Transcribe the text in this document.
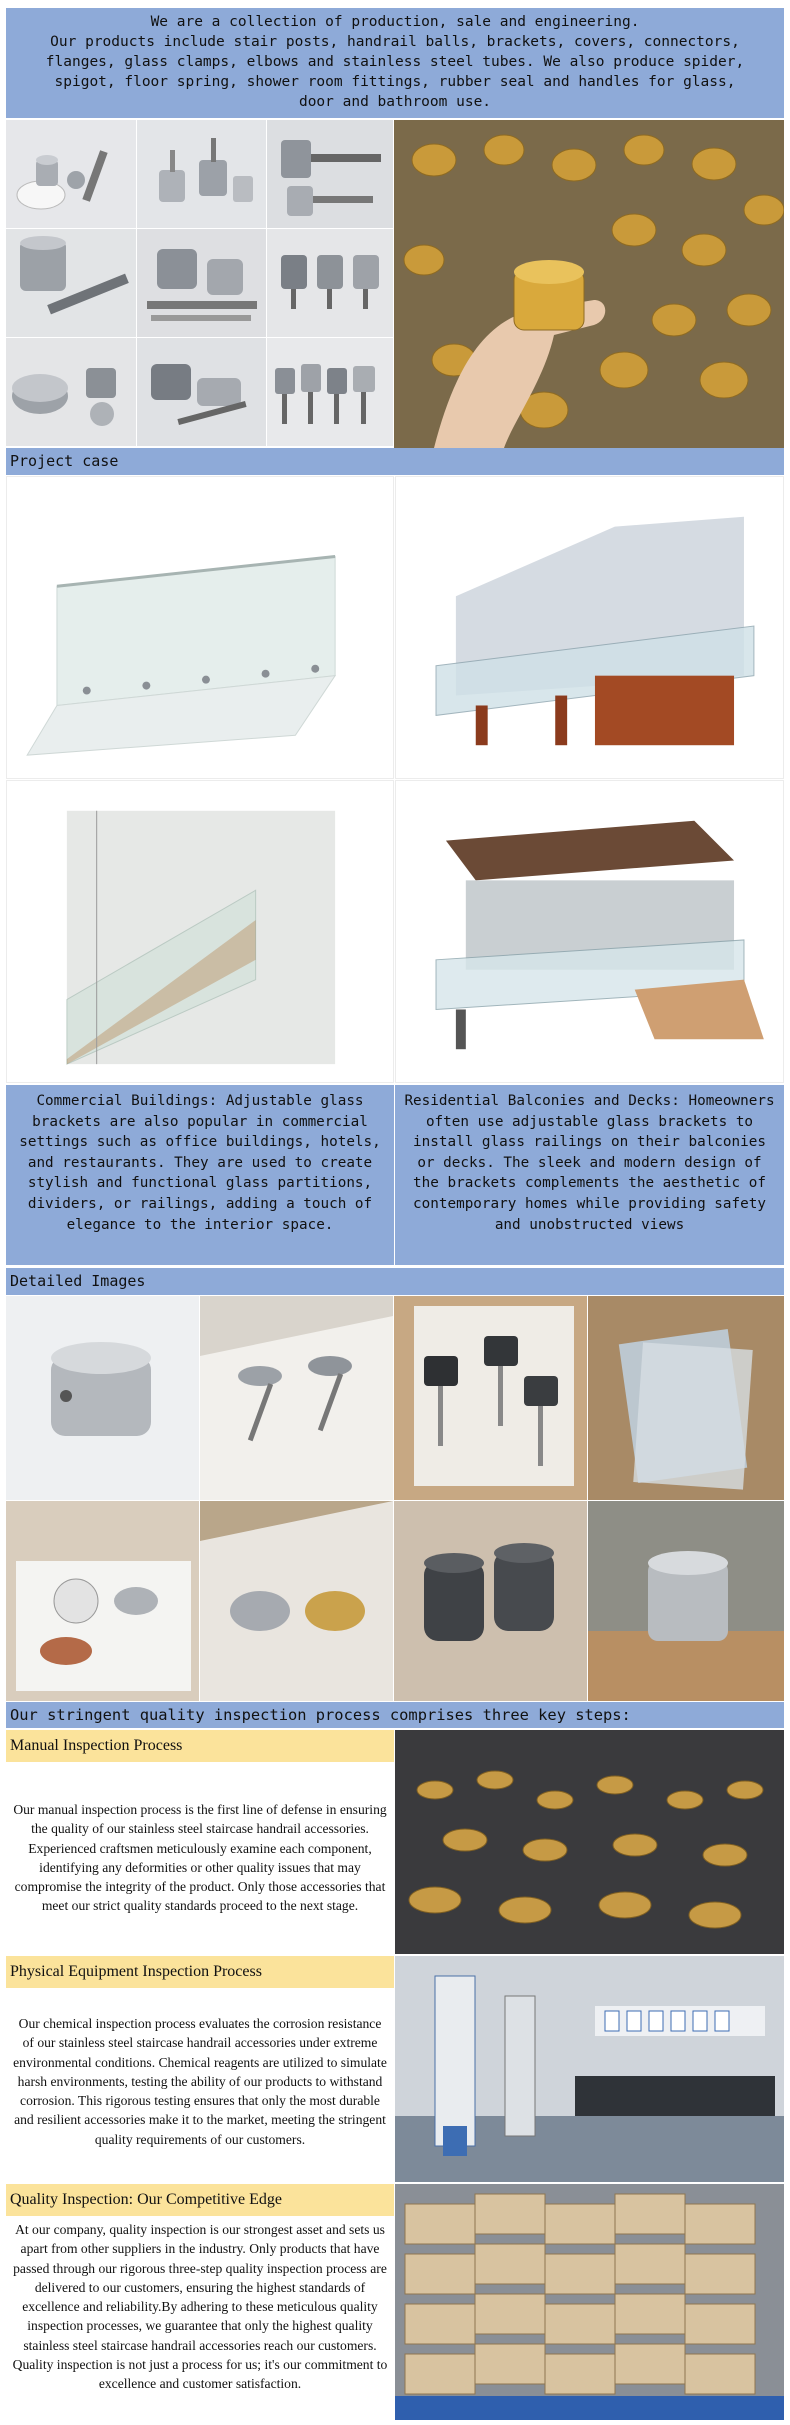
We are a collection of production, sale and engineering.
Our products include stair posts, handrail balls, brackets, covers, connectors,
flanges, glass clamps, elbows and stainless steel tubes. We also produce spider,
spigot, floor spring, shower room fittings, rubber seal and handles for glass,
door and bathroom use.
Project case
Commercial Buildings: Adjustable glass brackets are also popular in commercial settings such as office buildings, hotels, and restaurants. They are used to create stylish and functional glass partitions, dividers, or railings, adding a touch of elegance to the interior space.
Residential Balconies and Decks: Homeowners often use adjustable glass brackets to install glass railings on their balconies or decks. The sleek and modern design of the brackets complements the aesthetic of contemporary homes while providing safety and unobstructed views
Detailed Images
Our stringent quality inspection process comprises three key steps:
Manual Inspection Process
Our manual inspection process is the first line of defense in ensuring the quality of our stainless steel staircase handrail accessories. Experienced craftsmen meticulously examine each component, identifying any deformities or other quality issues that may compromise the integrity of the product. Only those accessories that meet our strict quality standards proceed to the next stage.
Physical Equipment Inspection Process
Our chemical inspection process evaluates the corrosion resistance of our stainless steel staircase handrail accessories under extreme environmental conditions. Chemical reagents are utilized to simulate harsh environments, testing the ability of our products to withstand corrosion. This rigorous testing ensures that only the most durable and resilient accessories make it to the market, meeting the stringent quality requirements of our customers.
Quality Inspection: Our Competitive Edge
At our company, quality inspection is our strongest asset and sets us apart from other suppliers in the industry. Only products that have passed through our rigorous three-step quality inspection process are delivered to our customers, ensuring the highest standards of excellence and reliability.By adhering to these meticulous quality inspection processes, we guarantee that only the highest quality stainless steel staircase handrail accessories reach our customers. Quality inspection is not just a process for us; it's our commitment to excellence and customer satisfaction.
